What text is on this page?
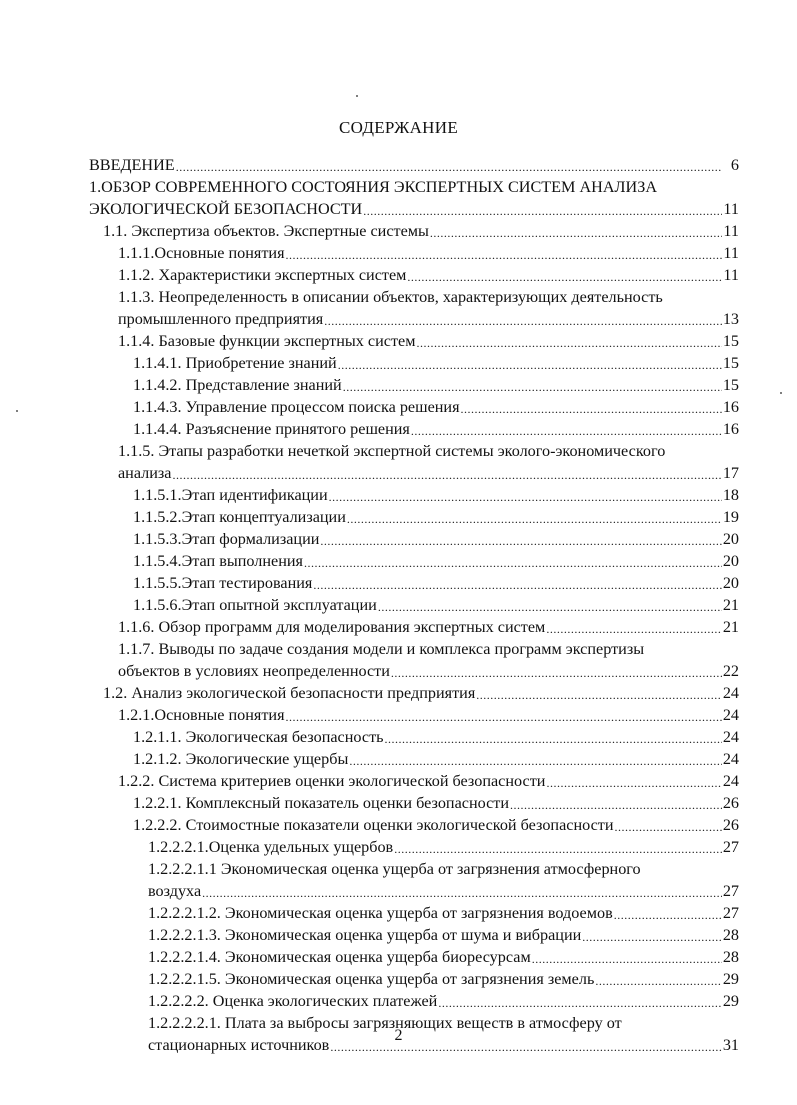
СОДЕРЖАНИЕ
ВВЕДЕНИЕ .....	6
1.ОБЗОР СОВРЕМЕННОГО СОСТОЯНИЯ ЭКСПЕРТНЫХ СИСТЕМ АНАЛИЗА
ЭКОЛОГИЧЕСКОЙ БЕЗОПАСНОСТИ .....	11
1.1. Экспертиза объектов. Экспертные системы .....	11
1.1.1.Основные понятия .....	11
1.1.2. Характеристики экспертных систем .....	11
1.1.3. Неопределенность в описании объектов, характеризующих деятельность
промышленного предприятия .....	13
1.1.4. Базовые функции экспертных систем .....	15
1.1.4.1. Приобретение знаний .....	15
1.1.4.2. Представление знаний .....	15
1.1.4.3. Управление процессом поиска решения .....	16
1.1.4.4. Разъяснение принятого решения .....	16
1.1.5. Этапы разработки нечеткой экспертной системы эколого-экономического
анализа .....	17
1.1.5.1.Этап идентификации .....	18
1.1.5.2.Этап концептуализации .....	19
1.1.5.3.Этап формализации .....	20
1.1.5.4.Этап выполнения .....	20
1.1.5.5.Этап тестирования .....	20
1.1.5.6.Этап опытной эксплуатации .....	21
1.1.6. Обзор программ для моделирования экспертных систем .....	21
1.1.7. Выводы по задаче создания модели и комплекса программ экспертизы
объектов в условиях неопределенности .....	22
1.2. Анализ экологической безопасности предприятия .....	24
1.2.1.Основные понятия .....	24
1.2.1.1. Экологическая безопасность .....	24
1.2.1.2. Экологические ущербы .....	24
1.2.2. Система критериев оценки экологической безопасности .....	24
1.2.2.1. Комплексный показатель оценки безопасности .....	26
1.2.2.2. Стоимостные показатели оценки экологической безопасности .....	26
1.2.2.2.1.Оценка удельных ущербов .....	27
1.2.2.2.1.1 Экономическая оценка ущерба от загрязнения атмосферного
воздуха .....	27
1.2.2.2.1.2. Экономическая оценка ущерба от загрязнения водоемов .....	27
1.2.2.2.1.3. Экономическая оценка ущерба от шума и вибрации .....	28
1.2.2.2.1.4. Экономическая оценка ущерба биоресурсам .....	28
1.2.2.2.1.5. Экономическая оценка ущерба от загрязнения земель .....	29
1.2.2.2.2. Оценка экологических платежей .....	29
1.2.2.2.2.1. Плата за выбросы загрязняющих веществ в атмосферу от
стационарных источников .....	31
2
